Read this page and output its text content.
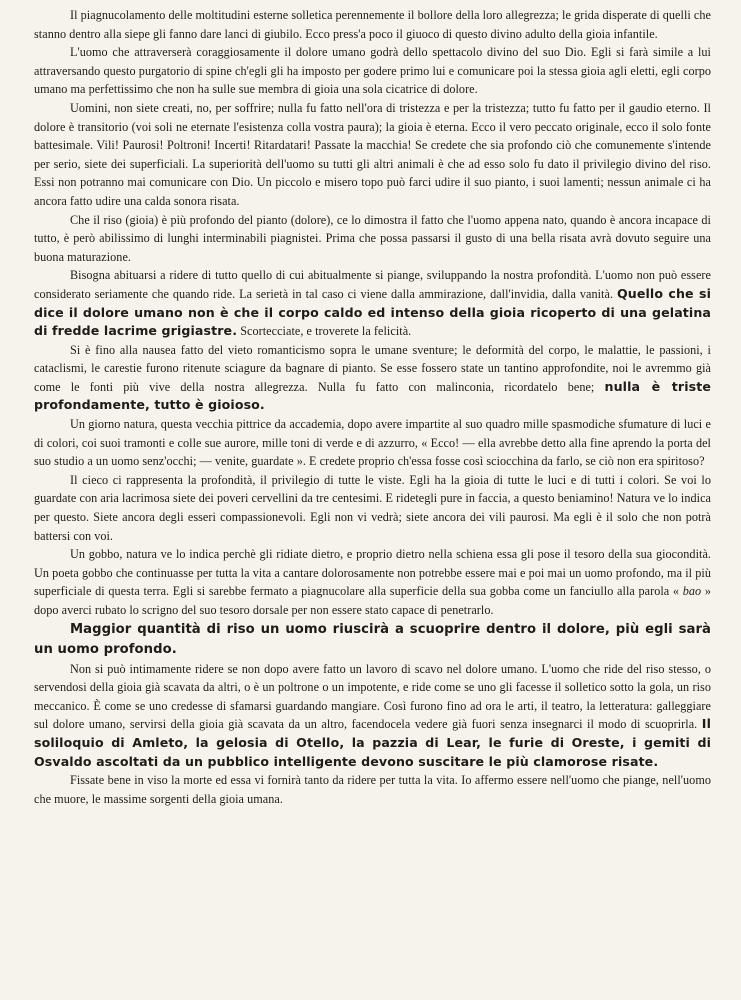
Il piagnucolamento delle moltitudini esterne solletica perennemente il bollore della loro allegrezza; le grida disperate di quelli che stanno dentro alla siepe gli fanno dare lanci di giubilo. Ecco press'a poco il giuoco di questo divino adulto della gioia infantile.

L'uomo che attraverserà coraggiosamente il dolore umano godrà dello spettacolo divino del suo Dio. Egli si farà simile a lui attraversando questo purgatorio di spine ch'egli gli ha imposto per godere primo lui e comunicare poi la stessa gioia agli eletti, egli corpo umano ma perfettissimo che non ha sulle sue membra di gioia una sola cicatrice di dolore.

Uomini, non siete creati, no, per soffrire; nulla fu fatto nell'ora di tristezza e per la tristezza; tutto fu fatto per il gaudio eterno. Il dolore è transitorio (voi soli ne eternate l'esistenza colla vostra paura); la gioia è eterna. Ecco il vero peccato originale, ecco il solo fonte battesimale. Vili! Paurosi! Poltroni! Incerti! Ritardatari! Passate la macchia! Se credete che sia profondo ciò che comunemente s'intende per serio, siete dei superficiali. La superiorità dell'uomo su tutti gli altri animali è che ad esso solo fu dato il privilegio divino del riso. Essi non potranno mai comunicare con Dio. Un piccolo e misero topo può farci udire il suo pianto, i suoi lamenti; nessun animale ci ha ancora fatto udire una calda sonora risata.

Che il riso (gioia) è più profondo del pianto (dolore), ce lo dimostra il fatto che l'uomo appena nato, quando è ancora incapace di tutto, è però abilissimo di lunghi interminabili piagnistei. Prima che possa passarsi il gusto di una bella risata avrà dovuto seguire una buona maturazione.

Bisogna abituarsi a ridere di tutto quello di cui abitualmente si piange, sviluppando la nostra profondità. L'uomo non può essere considerato seriamente che quando ride. La serietà in tal caso ci viene dalla ammirazione, dall'invidia, dalla vanità. Quello che si dice il dolore umano non è che il corpo caldo ed intenso della gioia ricoperto di una gelatina di fredde lacrime grigiastre. Scortecciate, e troverete la felicità.

Si è fino alla nausea fatto del vieto romanticismo sopra le umane sventure; le deformità del corpo, le malattie, le passioni, i cataclismi, le carestie furono ritenute sciagure da bagnare di pianto. Se esse fossero state un tantino approfondite, noi le avremmo già come le fonti più vive della nostra allegrezza. Nulla fu fatto con malinconia, ricordatelo bene; nulla è triste profondamente, tutto è gioioso.

Un giorno natura, questa vecchia pittrice da accademia, dopo avere impartite al suo quadro mille spasmodiche sfumature di luci e di colori, coi suoi tramonti e colle sue aurore, mille toni di verde e di azzurro, « Ecco! — ella avrebbe detto alla fine aprendo la porta del suo studio a un uomo senz'occhi; — venite, guardate ». E credete proprio ch'essa fosse così sciocchina da farlo, se ciò non era spiritoso?

Il cieco ci rappresenta la profondità, il privilegio di tutte le viste. Egli ha la gioia di tutte le luci e di tutti i colori. Se voi lo guardate con aria lacrimosa siete dei poveri cervellini da tre centesimi. E ridetegli pure in faccia, a questo beniamino! Natura ve lo indica per questo. Siete ancora degli esseri compassionevoli. Egli non vi vedrà; siete ancora dei vili paurosi. Ma egli è il solo che non potrà battersi con voi.

Un gobbo, natura ve lo indica perchè gli ridiate dietro, e proprio dietro nella schiena essa gli pose il tesoro della sua giocondità. Un poeta gobbo che continuasse per tutta la vita a cantare dolorosamente non potrebbe essere mai e poi mai un uomo profondo, ma il più superficiale di questa terra. Egli si sarebbe fermato a piagnucolare alla superficie della sua gobba come un fanciullo alla parola « bao » dopo averci rubato lo scrigno del suo tesoro dorsale per non essere stato capace di penetrarlo.

Maggior quantità di riso un uomo riuscirà a scuoprire dentro il dolore, più egli sarà un uomo profondo.

Non si può intimamente ridere se non dopo avere fatto un lavoro di scavo nel dolore umano. L'uomo che ride del riso stesso, o servendosi della gioia già scavata da altri, o è un poltrone o un impotente, e ride come se uno gli facesse il solletico sotto la gola, un riso meccanico. È come se uno credesse di sfamarsi guardando mangiare. Così furono fino ad ora le arti, il teatro, la letteratura: galleggiare sul dolore umano, servirsi della gioia già scavata da un altro, facendocela vedere già fuori senza insegnarci il modo di scuoprirla. Il soliloquio di Amleto, la gelosia di Otello, la pazzia di Lear, le furie di Oreste, i gemiti di Osvaldo ascoltati da un pubblico intelligente devono suscitare le più clamorose risate.

Fissate bene in viso la morte ed essa vi fornirà tanto da ridere per tutta la vita. Io affermo essere nell'uomo che piange, nell'uomo che muore, le massime sorgenti della gioia umana.
